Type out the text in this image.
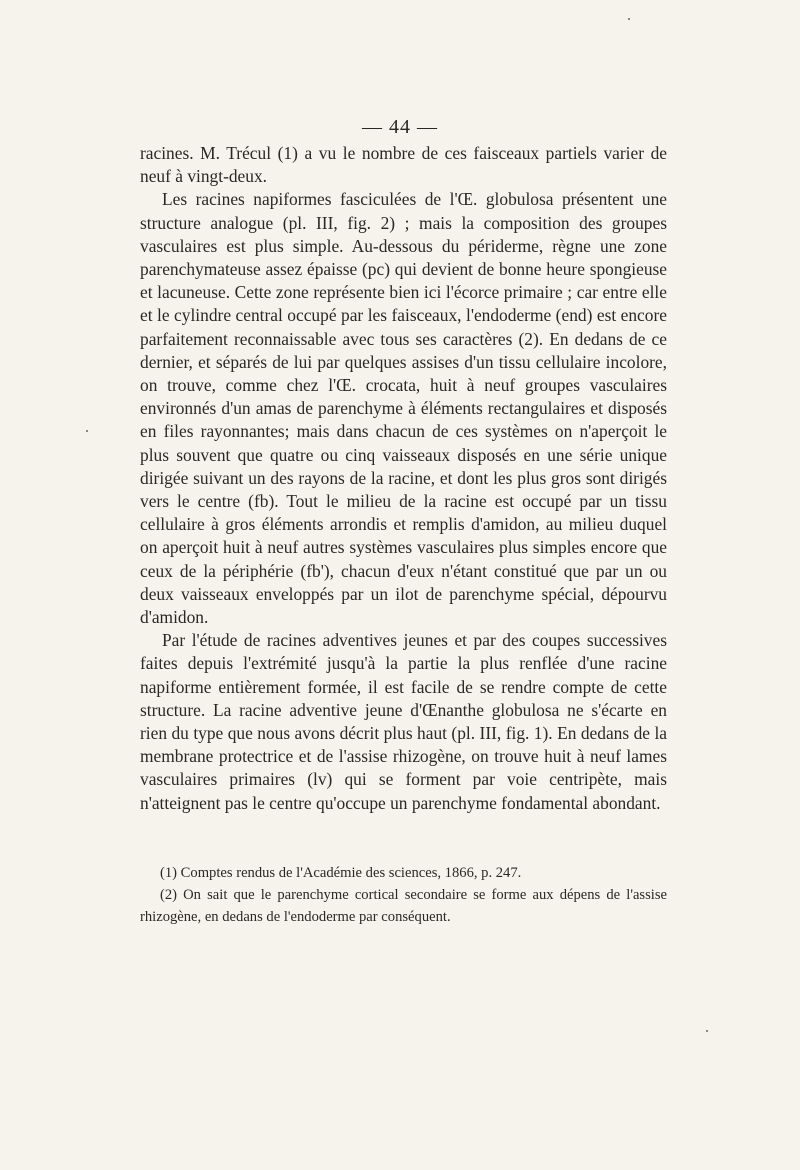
— 44 —

racines. M. Trécul (1) a vu le nombre de ces faisceaux partiels varier de neuf à vingt-deux.

Les racines napiformes fasciculées de l'Œ. globulosa présentent une structure analogue (pl. III, fig. 2) ; mais la composition des groupes vasculaires est plus simple. Au-dessous du périderme, règne une zone parenchymateuse assez épaisse (pc) qui devient de bonne heure spongieuse et lacuneuse. Cette zone représente bien ici l'écorce primaire ; car entre elle et le cylindre central occupé par les faisceaux, l'endoderme (end) est encore parfaitement reconnaissable avec tous ses caractères (2). En dedans de ce dernier, et séparés de lui par quelques assises d'un tissu cellulaire incolore, on trouve, comme chez l'Œ. crocata, huit à neuf groupes vasculaires environnés d'un amas de parenchyme à éléments rectangulaires et disposés en files rayonnantes; mais dans chacun de ces systèmes on n'aperçoit le plus souvent que quatre ou cinq vaisseaux disposés en une série unique dirigée suivant un des rayons de la racine, et dont les plus gros sont dirigés vers le centre (fb). Tout le milieu de la racine est occupé par un tissu cellulaire à gros éléments arrondis et remplis d'amidon, au milieu duquel on aperçoit huit à neuf autres systèmes vasculaires plus simples encore que ceux de la périphérie (fb'), chacun d'eux n'étant constitué que par un ou deux vaisseaux enveloppés par un ilot de parenchyme spécial, dépourvu d'amidon.

Par l'étude de racines adventives jeunes et par des coupes successives faites depuis l'extrémité jusqu'à la partie la plus renflée d'une racine napiforme entièrement formée, il est facile de se rendre compte de cette structure. La racine adventive jeune d'Œnanthe globulosa ne s'écarte en rien du type que nous avons décrit plus haut (pl. III, fig. 1). En dedans de la membrane protectrice et de l'assise rhizogène, on trouve huit à neuf lames vasculaires primaires (lv) qui se forment par voie centripète, mais n'atteignent pas le centre qu'occupe un parenchyme fondamental abondant.

(1) Comptes rendus de l'Académie des sciences, 1866, p. 247.

(2) On sait que le parenchyme cortical secondaire se forme aux dépens de l'assise rhizogène, en dedans de l'endoderme par conséquent.
